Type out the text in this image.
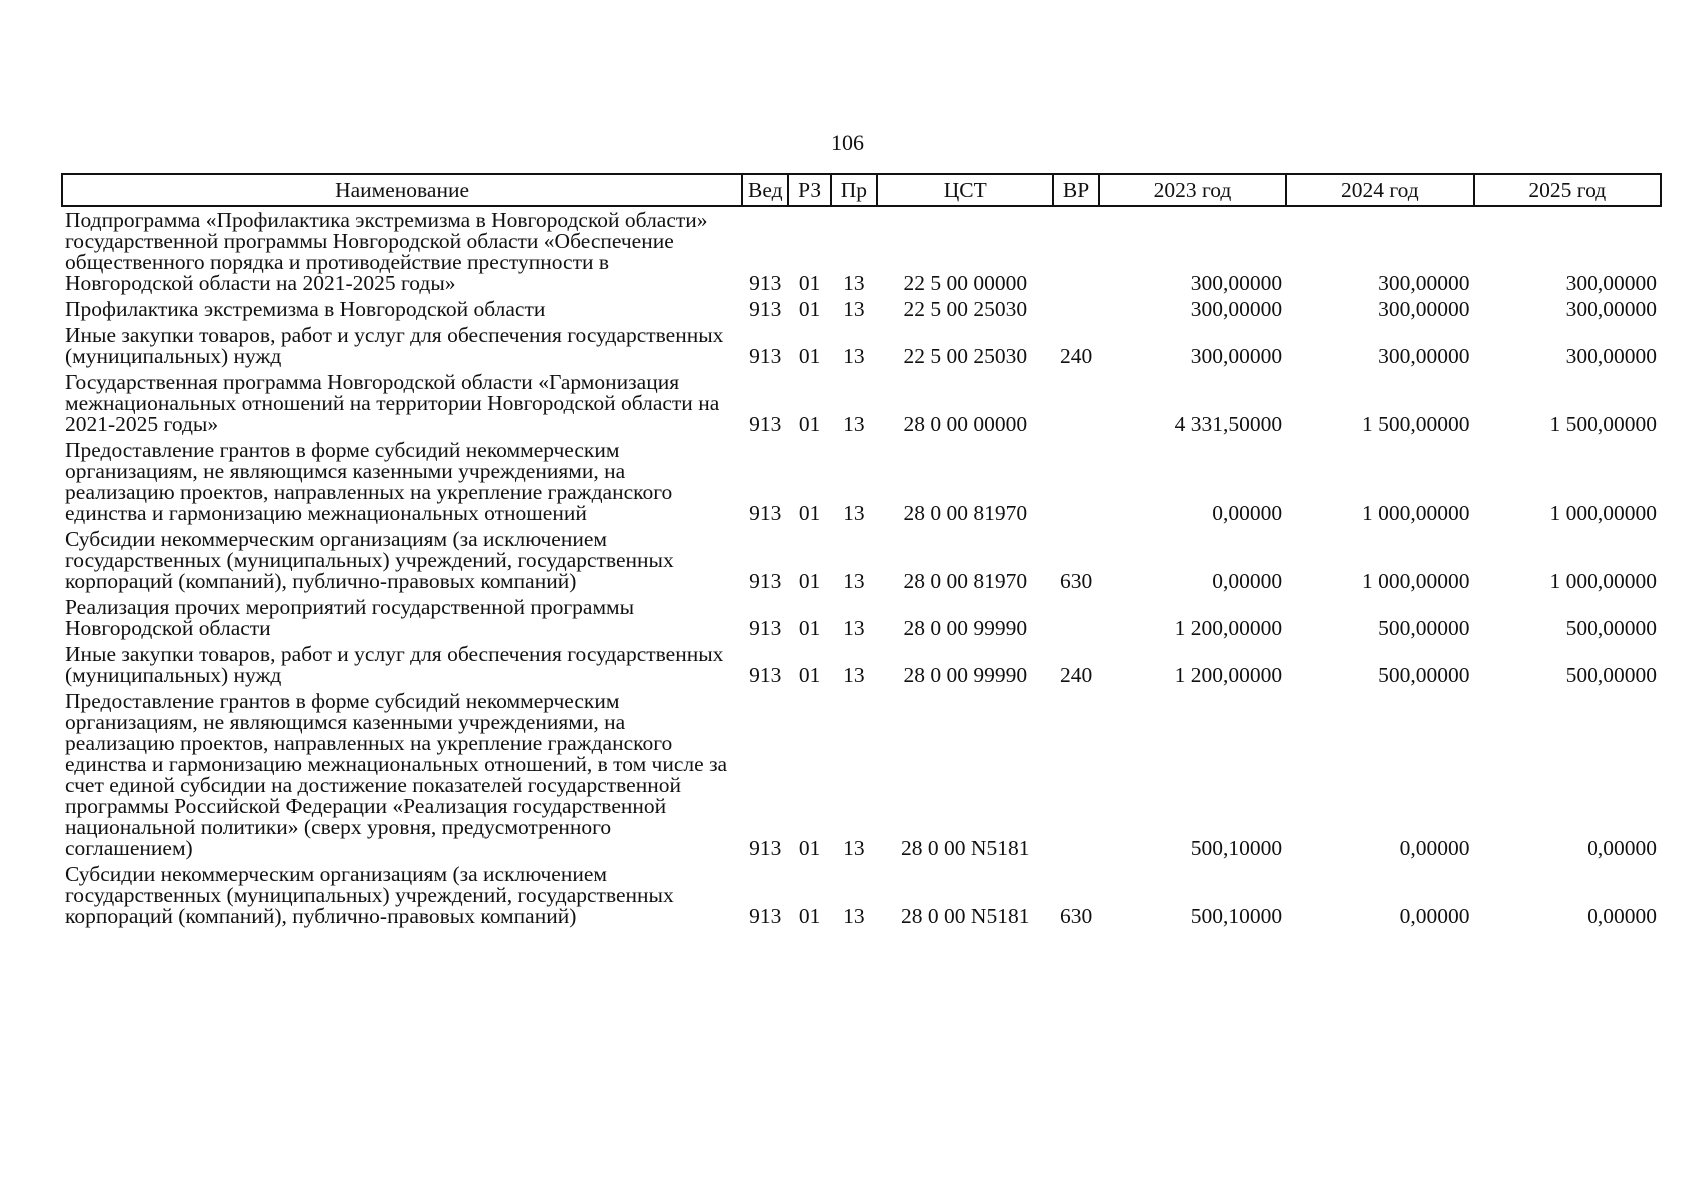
106
Наименование	Вед	РЗ	Пр	ЦСТ	ВР	2023 год	2024 год	2025 год
Подпрограмма «Профилактика экстремизма в Новгородской области» государственной программы Новгородской области «Обеспечение общественного порядка и противодействие преступности в Новгородской области на 2021-2025 годы»	913	01	13	22 5 00 00000		300,00000	300,00000	300,00000
Профилактика экстремизма в Новгородской области	913	01	13	22 5 00 25030		300,00000	300,00000	300,00000
Иные закупки товаров, работ и услуг для обеспечения государственных (муниципальных) нужд	913	01	13	22 5 00 25030	240	300,00000	300,00000	300,00000
Государственная программа Новгородской области «Гармонизация межнациональных отношений на территории Новгородской области на 2021-2025 годы»	913	01	13	28 0 00 00000		4 331,50000	1 500,00000	1 500,00000
Предоставление грантов в форме субсидий некоммерческим организациям, не являющимся казенными учреждениями, на реализацию проектов, направленных на укрепление гражданского единства и гармонизацию межнациональных отношений	913	01	13	28 0 00 81970		0,00000	1 000,00000	1 000,00000
Субсидии некоммерческим организациям (за исключением государственных (муниципальных) учреждений, государственных корпораций (компаний), публично-правовых компаний)	913	01	13	28 0 00 81970	630	0,00000	1 000,00000	1 000,00000
Реализация прочих мероприятий государственной программы Новгородской области	913	01	13	28 0 00 99990		1 200,00000	500,00000	500,00000
Иные закупки товаров, работ и услуг для обеспечения государственных (муниципальных) нужд	913	01	13	28 0 00 99990	240	1 200,00000	500,00000	500,00000
Предоставление грантов в форме субсидий некоммерческим организациям, не являющимся казенными учреждениями, на реализацию проектов, направленных на укрепление гражданского единства и гармонизацию межнациональных отношений, в том числе за счет единой субсидии на достижение показателей государственной программы Российской Федерации «Реализация государственной национальной политики» (сверх уровня, предусмотренного соглашением)	913	01	13	28 0 00 N5181		500,10000	0,00000	0,00000
Субсидии некоммерческим организациям (за исключением государственных (муниципальных) учреждений, государственных корпораций (компаний), публично-правовых компаний)	913	01	13	28 0 00 N5181	630	500,10000	0,00000	0,00000
